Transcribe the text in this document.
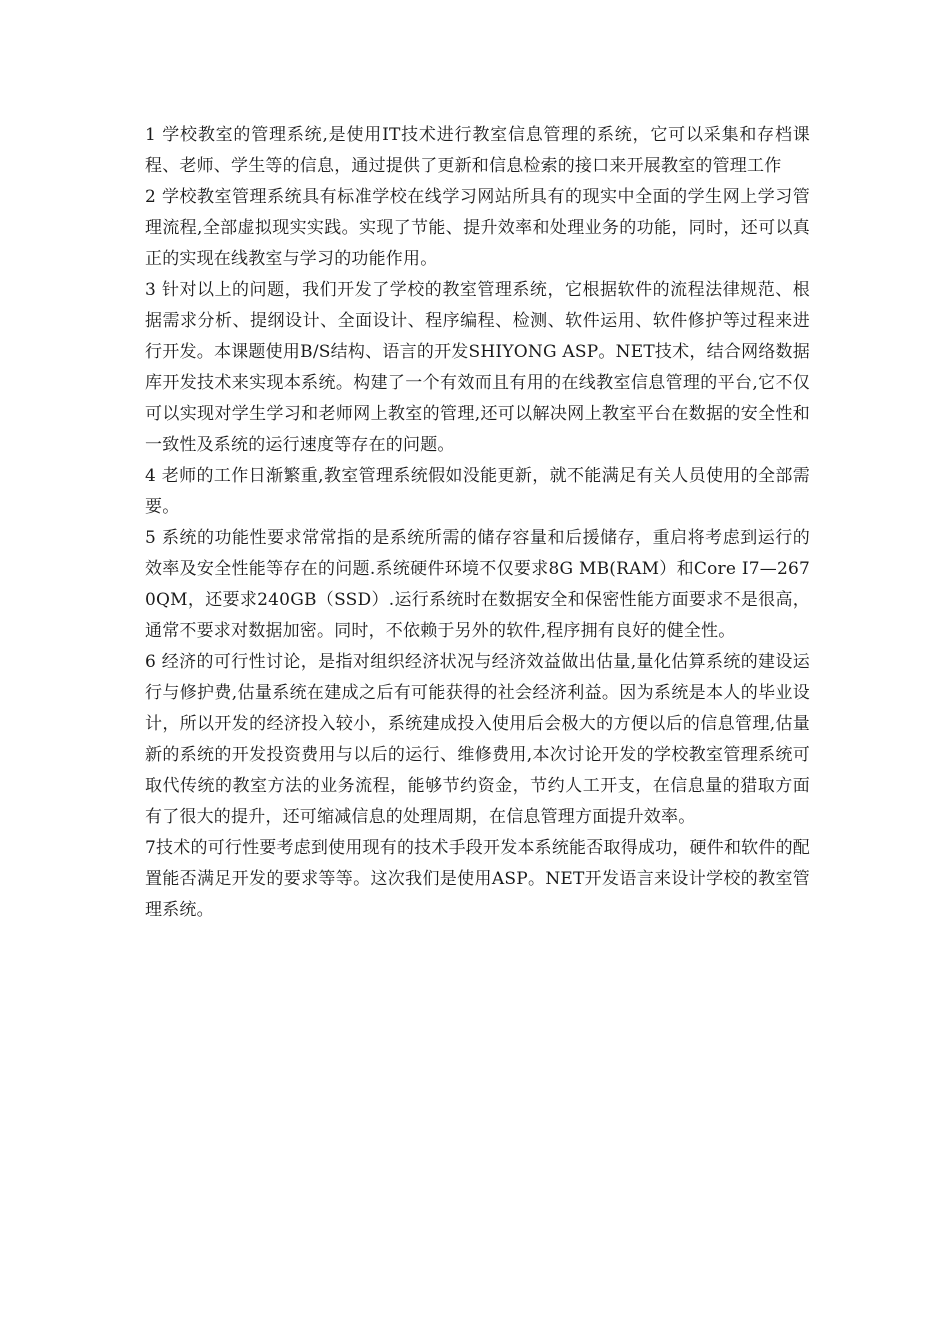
1 学校教室的管理系统,是使用IT技术进行教室信息管理的系统，它可以采集和存档课程、老师、学生等的信息，通过提供了更新和信息检索的接口来开展教室的管理工作

2 学校教室管理系统具有标准学校在线学习网站所具有的现实中全面的学生网上学习管理流程,全部虚拟现实实践。实现了节能、提升效率和处理业务的功能，同时，还可以真正的实现在线教室与学习的功能作用。

3 针对以上的问题，我们开发了学校的教室管理系统，它根据软件的流程法律规范、根据需求分析、提纲设计、全面设计、程序编程、检测、软件运用、软件修护等过程来进行开发。本课题使用B/S结构、语言的开发SHIYONG ASP。NET技术，结合网络数据库开发技术来实现本系统。构建了一个有效而且有用的在线教室信息管理的平台,它不仅可以实现对学生学习和老师网上教室的管理,还可以解决网上教室平台在数据的安全性和一致性及系统的运行速度等存在的问题。

4 老师的工作日渐繁重,教室管理系统假如没能更新，就不能满足有关人员使用的全部需要。

5 系统的功能性要求常常指的是系统所需的储存容量和后援储存，重启将考虑到运行的效率及安全性能等存在的问题.系统硬件环境不仅要求8G MB(RAM）和Core I7—2670QM，还要求240GB（SSD）.运行系统时在数据安全和保密性能方面要求不是很高，通常不要求对数据加密。同时，不依赖于另外的软件,程序拥有良好的健全性。

6 经济的可行性讨论，是指对组织经济状况与经济效益做出估量,量化估算系统的建设运行与修护费,估量系统在建成之后有可能获得的社会经济利益。因为系统是本人的毕业设计，所以开发的经济投入较小，系统建成投入使用后会极大的方便以后的信息管理,估量新的系统的开发投资费用与以后的运行、维修费用,本次讨论开发的学校教室管理系统可取代传统的教室方法的业务流程，能够节约资金，节约人工开支，在信息量的猎取方面有了很大的提升，还可缩减信息的处理周期，在信息管理方面提升效率。

7技术的可行性要考虑到使用现有的技术手段开发本系统能否取得成功，硬件和软件的配置能否满足开发的要求等等。这次我们是使用ASP。NET开发语言来设计学校的教室管理系统。
